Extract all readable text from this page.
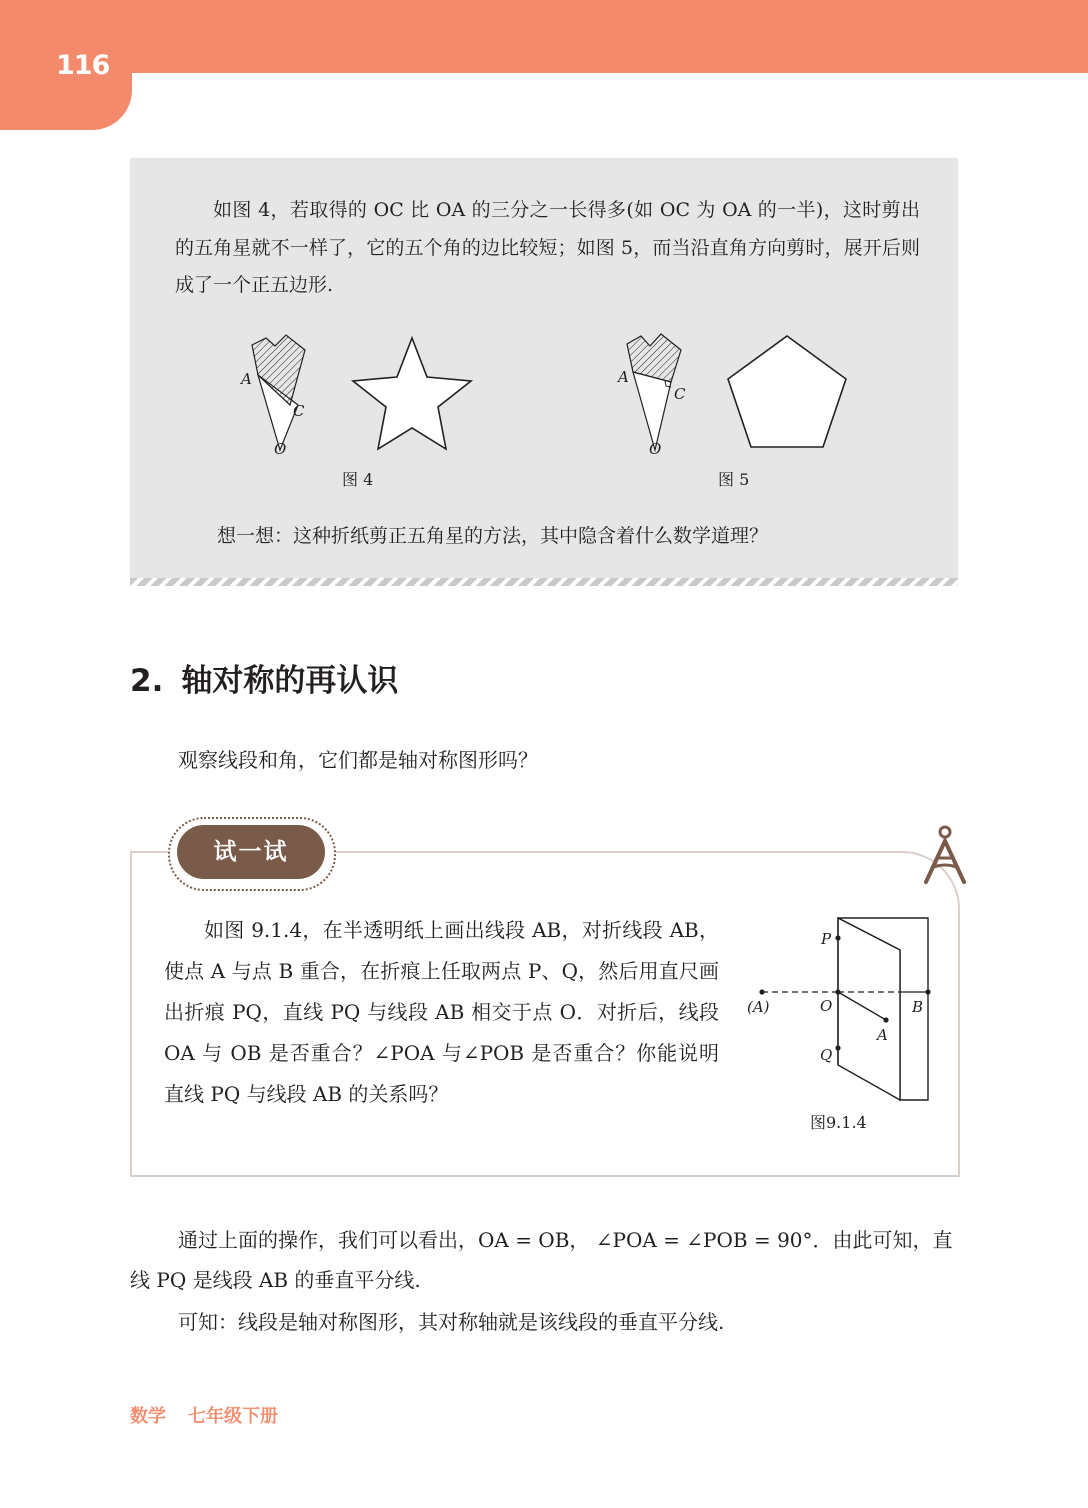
116

如图 4，若取得的 OC 比 OA 的三分之一长得多(如 OC 为 OA 的一半)，这时剪出的五角星就不一样了，它的五个角的边比较短；如图 5，而当沿直角方向剪时，展开后则成了一个正五边形.

A
C
O
图 4
A
C
O
图 5

想一想：这种折纸剪正五角星的方法，其中隐含着什么数学道理？

2. 轴对称的再认识

观察线段和角，它们都是轴对称图形吗？

试一试

如图 9.1.4，在半透明纸上画出线段 AB，对折线段 AB，使点 A 与点 B 重合，在折痕上任取两点 P、Q，然后用直尺画出折痕 PQ，直线 PQ 与线段 AB 相交于点 O．对折后，线段 OA 与 OB 是否重合？∠POA 与∠POB 是否重合？你能说明直线 PQ 与线段 AB 的关系吗？

P
Q
O
A
(A)	B
图9.1.4

通过上面的操作，我们可以看出，OA = OB， ∠POA = ∠POB = 90°．由此可知，直线 PQ 是线段 AB 的垂直平分线.

可知：线段是轴对称图形，其对称轴就是该线段的垂直平分线.

数学 七年级下册
